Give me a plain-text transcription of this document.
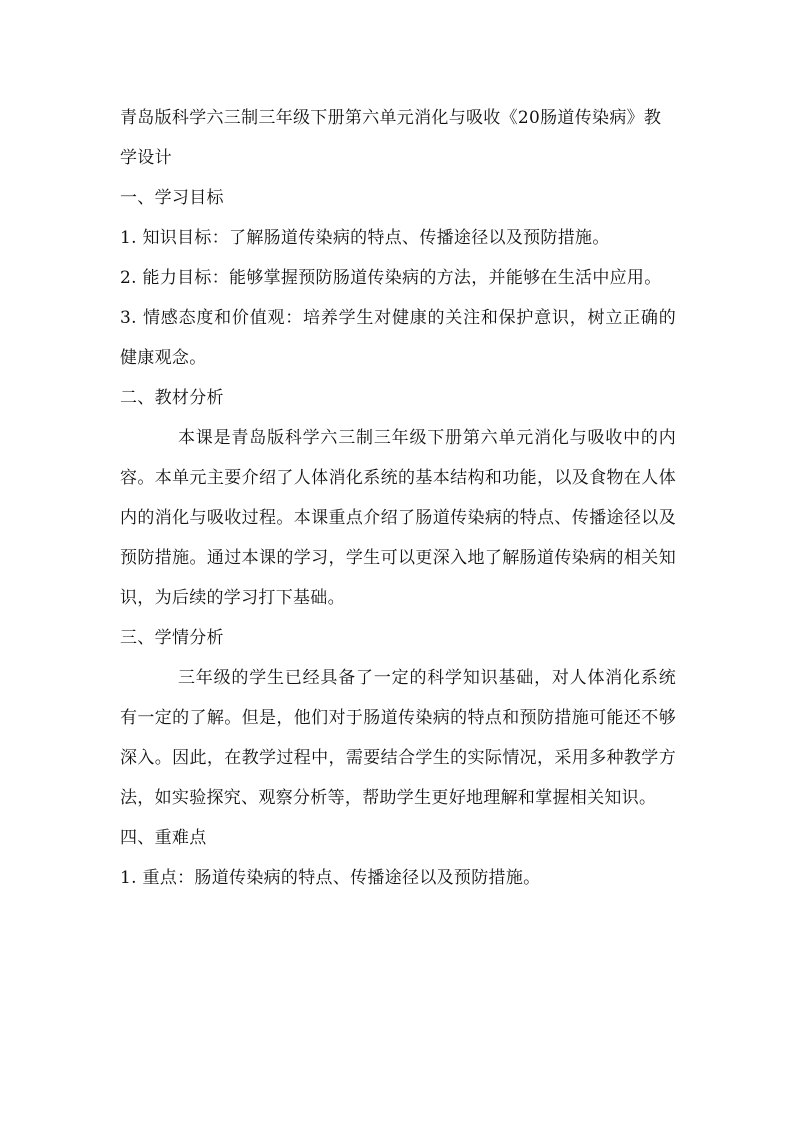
青岛版科学六三制三年级下册第六单元消化与吸收《20肠道传染病》教学设计

一、学习目标
1. 知识目标：了解肠道传染病的特点、传播途径以及预防措施。

2. 能力目标：能够掌握预防肠道传染病的方法，并能够在生活中应用。

3. 情感态度和价值观：培养学生对健康的关注和保护意识，树立正确的健康观念。

二、教材分析

本课是青岛版科学六三制三年级下册第六单元消化与吸收中的内容。本单元主要介绍了人体消化系统的基本结构和功能，以及食物在人体内的消化与吸收过程。本课重点介绍了肠道传染病的特点、传播途径以及预防措施。通过本课的学习，学生可以更深入地了解肠道传染病的相关知识，为后续的学习打下基础。

三、学情分析

三年级的学生已经具备了一定的科学知识基础，对人体消化系统有一定的了解。但是，他们对于肠道传染病的特点和预防措施可能还不够深入。因此，在教学过程中，需要结合学生的实际情况，采用多种教学方法，如实验探究、观察分析等，帮助学生更好地理解和掌握相关知识。

四、重难点
1. 重点：肠道传染病的特点、传播途径以及预防措施。
